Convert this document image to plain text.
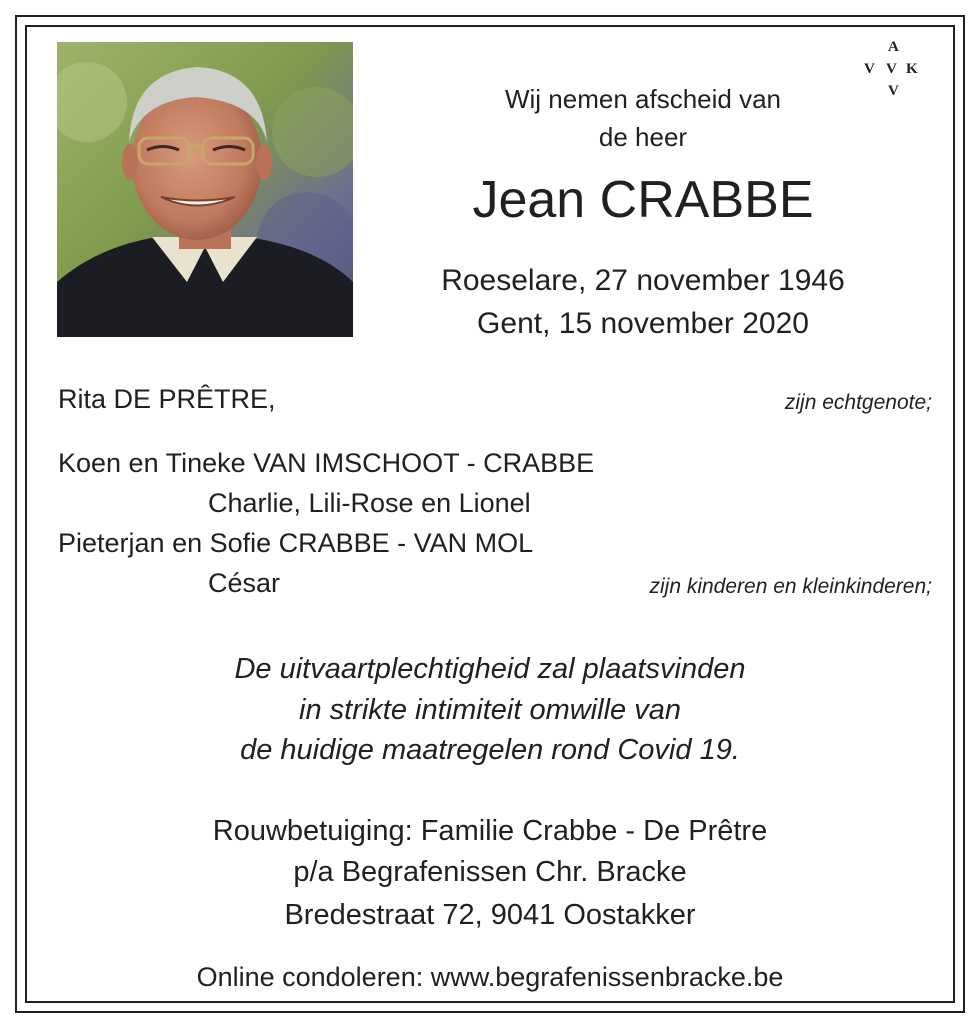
A
V V K
V
Wij nemen afscheid van
de heer
Jean CRABBE
Roeselare, 27 november 1946
Gent, 15 november 2020
Rita DE PRÊTRE,	zijn echtgenote;
Koen en Tineke VAN IMSCHOOT - CRABBE
Charlie, Lili-Rose en Lionel
Pieterjan en Sofie CRABBE - VAN MOL
César	zijn kinderen en kleinkinderen;
De uitvaartplechtigheid zal plaatsvinden
in strikte intimiteit omwille van
de huidige maatregelen rond Covid 19.
Rouwbetuiging: Familie Crabbe - De Prêtre
p/a Begrafenissen Chr. Bracke
Bredestraat 72, 9041 Oostakker
Online condoleren: www.begrafenissenbracke.be
